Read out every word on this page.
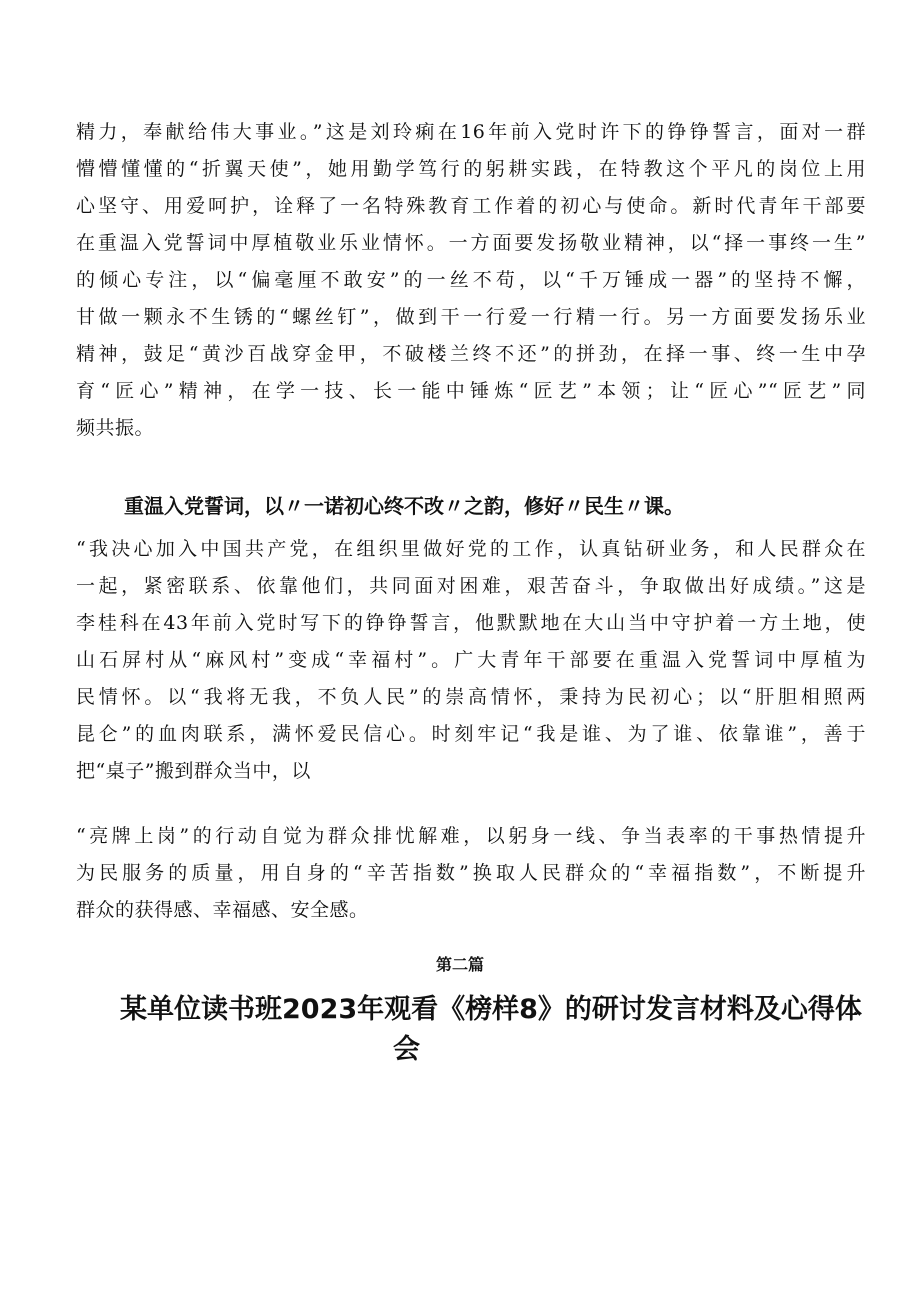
精力，奉献给伟大事业。”这是刘玲痢在16年前入党时许下的铮铮誓言，面对一群
懵懵懂懂的“折翼天使”，她用勤学笃行的躬耕实践，在特教这个平凡的岗位上用
心坚守、用爱呵护，诠释了一名特殊教育工作着的初心与使命。新时代青年干部要
在重温入党誓词中厚植敬业乐业情怀。一方面要发扬敬业精神，以“择一事终一生”
的倾心专注，以“偏毫厘不敢安”的一丝不苟，以“千万锤成一器”的坚持不懈，
甘做一颗永不生锈的“螺丝钉”，做到干一行爱一行精一行。另一方面要发扬乐业
精神，鼓足“黄沙百战穿金甲，不破楼兰终不还”的拼劲，在择一事、终一生中孕
育“匠心”精神，在学一技、长一能中锤炼“匠艺”本领；让“匠心”“匠艺”同
频共振。

重温入党誓词，以〃一诺初心终不改〃之韵，修好〃民生〃课。

“我决心加入中国共产党，在组织里做好党的工作，认真钻研业务，和人民群众在
一起，紧密联系、依靠他们，共同面对困难，艰苦奋斗，争取做出好成绩。”这是
李桂科在43年前入党时写下的铮铮誓言，他默默地在大山当中守护着一方土地，使
山石屏村从“麻风村”变成“幸福村”。广大青年干部要在重温入党誓词中厚植为
民情怀。以“我将无我，不负人民”的崇高情怀，秉持为民初心；以“肝胆相照两
昆仑”的血肉联系，满怀爱民信心。时刻牢记“我是谁、为了谁、依靠谁”，善于
把“桌子”搬到群众当中，以
“亮牌上岗”的行动自觉为群众排忧解难，以躬身一线、争当表率的干事热情提升
为民服务的质量，用自身的“辛苦指数”换取人民群众的“幸福指数”，不断提升
群众的获得感、幸福感、安全感。

第二篇

某单位读书班2023年观看《榜样8》的研讨发言材料及心得体
会
